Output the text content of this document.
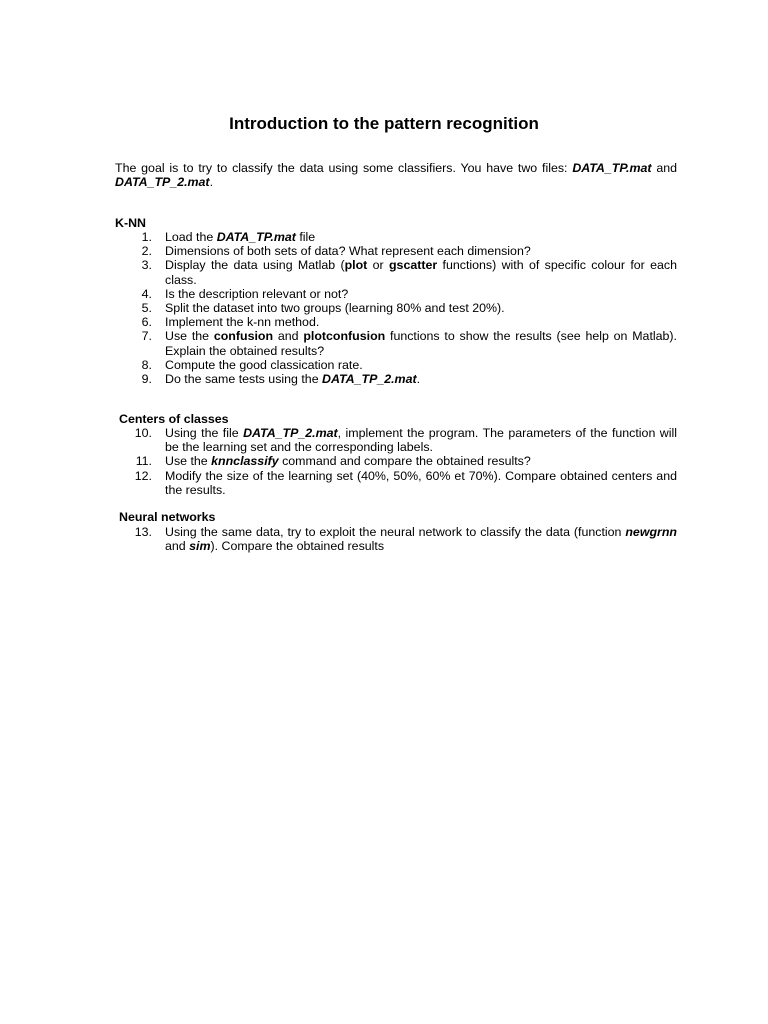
Introduction to the pattern recognition
The goal is to try to classify the data using some classifiers. You have two files: DATA_TP.mat and DATA_TP_2.mat.
K-NN
1. Load the DATA_TP.mat file
2. Dimensions of both sets of data? What represent each dimension?
3. Display the data using Matlab (plot or gscatter functions) with of specific colour for each class.
4. Is the description relevant or not?
5. Split the dataset into two groups (learning 80% and test 20%).
6. Implement the k-nn method.
7. Use the confusion and plotconfusion functions to show the results (see help on Matlab). Explain the obtained results?
8. Compute the good classication rate.
9. Do the same tests using the DATA_TP_2.mat.
Centers of classes
10. Using the file DATA_TP_2.mat, implement the program. The parameters of the function will be the learning set and the corresponding labels.
11. Use the knnclassify command and compare the obtained results?
12. Modify the size of the learning set (40%, 50%, 60% et 70%). Compare obtained centers and the results.
Neural networks
13. Using the same data, try to exploit the neural network to classify the data (function newgrnn and sim). Compare the obtained results
